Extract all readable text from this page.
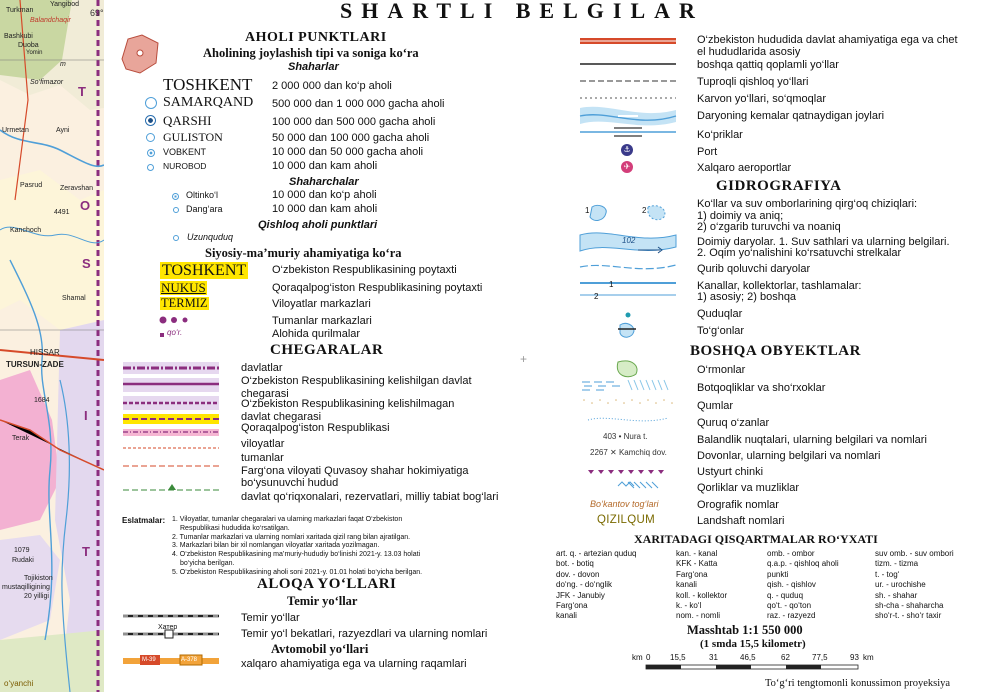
69°
Yangibod
Turkman
Balandchaqir
Bashkubi
Duoba
Yomin
So‘fimazor
Urmetan	Ayni
Zeravshan
Pasrud
4491
Kanchoch
Shamal
HISSAR
TURSUN-ZADE
1684
Terak
1079
Rudaki
Tojikiston
mustaqilligining
20 yilligi
o‘yanchi
T
O
S
I
T
m
SHARTLI BELGILAR
AHOLI PUNKTLARI
Aholining joylashish tipi va soniga ko‘ra
Shaharlar
TOSHKENT 2 000 000 dan ko‘p aholi
SAMARQAND 500 000 dan 1 000 000 gacha aholi
QARSHI	100 000 dan 500 000 gacha aholi
GULISTON	50 000 dan 100 000 gacha aholi
VOBKENT	10 000 dan 50 000 gacha aholi
NUROBOD	10 000 dan kam aholi
Shaharchalar
Oltinko‘l	10 000 dan ko‘p aholi
Dang‘ara	10 000 dan kam aholi
Qishloq aholi punktlari
Uzunquduq
Siyosiy-ma’muriy ahamiyatiga ko‘ra
TOSHKENT O‘zbekiston Respublikasining poytaxti
NUKUS	Qoraqalpog‘iston Respublikasining poytaxti
TERMIZ	Viloyatlar markazlari
Tumanlar markazlari
qo‘r.	Alohida qurilmalar
CHEGARALAR
davlatlar
O‘zbekiston Respublikasining kelishilgan davlat chegarasi
O‘zbekiston Respublikasining kelishilmagan davlat chegarasi
Qoraqalpog‘iston Respublikasi
viloyatlar
tumanlar
Farg‘ona viloyati Quvasoy shahar hokimiyatiga bo‘ysunuvchi hudud
davlat qo‘riqxonalari, rezervatlari, milliy tabiat bog‘lari
Eslatmalar: 1. Viloyatlar, tumanlar chegaralari va ularning markazlari faqat O‘zbekiston
Respublikasi hududida ko‘rsatilgan.
2. Tumanlar markazlari va ularning nomlari xaritada qizil rang bilan ajratilgan.
3. Markazlari bilan bir xil nomlangan viloyatlar xaritada yozilmagan.
4. O‘zbekiston Respublikasining ma’muriy-hududiy bo‘linishi 2021-y. 13.03 holati
bo‘yicha berilgan.
5. O‘zbekiston Respublikasining aholi soni 2021-y. 01.01 holati bo‘yicha berilgan.
ALOQA YO‘LLARI
Temir yo‘llar
Хатер
M-39	A-378
Temir yo‘llar
Temir yo‘l bekatlari, razyezdlari va ularning nomlari
Avtomobil yo‘llari
xalqaro ahamiyatiga ega va ularning raqamlari
⚓
✈
O‘zbekiston hududida davlat ahamiyatiga ega va chet el hududlarida asosiy
boshqa qattiq qoplamli yo‘llar
Tuproqli qishloq yo‘llari
Karvon yo‘llari, so‘qmoqlar
Daryoning kemalar qatnaydigan joylari
Ko‘priklar
Port
Xalqaro aeroportlar
GIDROGRAFIYA
1	2
102
1
2
Ko‘llar va suv omborlarining qirg‘oq chiziqlari:
1) doimiy va aniq;
2) o‘zgarib turuvchi va noaniq
Doimiy daryolar. 1. Suv sathlari va ularning belgilari.
2. Oqim yo‘nalishini ko‘rsatuvchi strelkalar
Qurib qoluvchi daryolar
Kanallar, kollektorlar, tashlamalar:
1) asosiy; 2) boshqa
Quduqlar
To‘g‘onlar
BOSHQA OBYEKTLAR
403 • Nura t.
2267 ✕ Kamchiq dov.
Bo‘kantov tog‘lari
QIZILQUM
O‘rmonlar
Botqoqliklar va sho‘rxoklar
Qumlar
Quruq o‘zanlar
Balandlik nuqtalari, ularning belgilari va nomlari
Dovonlar, ularning belgilari va nomlari
Ustyurt chinki
Qorliklar va muzliklar
Orografik nomlar
Landshaft nomlari
XARITADAGI QISQARTMALAR RO‘YXATI
art. q. - artezian quduq
bot. - botiq
dov. - dovon
do‘ng. - do‘nglik
JFK - Janubiy
Farg‘ona
kanali
kan. - kanal
KFK - Katta
Farg‘ona
kanali
koll. - kollektor
k. - ko‘l
nom. - nomli
omb. - ombor
q.a.p. - qishloq aholi
punkti
qish. - qishlov
q. - quduq
qo‘t. - qo‘ton
raz. - razyezd
suv omb. - suv ombori
tizm. - tizma
t. - tog‘
ur. - urochishe
sh. - shahar
sh-cha - shaharcha
sho‘r-t. - sho‘r taxir
Masshtab 1:1 550 000
(1 smda 15,5 kilometr)
km	km
0 15,5	31	46,5	62	77,5	93
To‘g‘ri tengtomonli konussimon proyeksiya
+
